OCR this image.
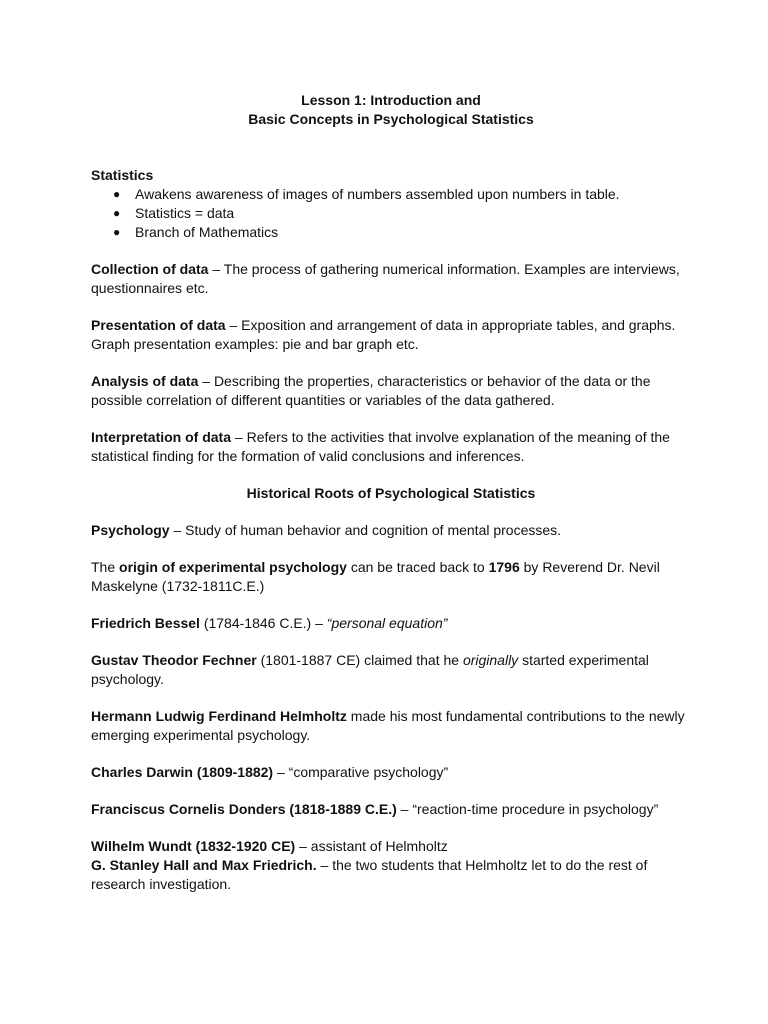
Lesson 1: Introduction and
Basic Concepts in Psychological Statistics
Statistics
● Awakens awareness of images of numbers assembled upon numbers in table.
● Statistics = data
● Branch of Mathematics

Collection of data – The process of gathering numerical information. Examples are interviews, questionnaires etc.

Presentation of data – Exposition and arrangement of data in appropriate tables, and graphs. Graph presentation examples: pie and bar graph etc.

Analysis of data – Describing the properties, characteristics or behavior of the data or the possible correlation of different quantities or variables of the data gathered.

Interpretation of data – Refers to the activities that involve explanation of the meaning of the statistical finding for the formation of valid conclusions and inferences.

Historical Roots of Psychological Statistics

Psychology – Study of human behavior and cognition of mental processes.

The origin of experimental psychology can be traced back to 1796 by Reverend Dr. Nevil Maskelyne (1732-1811C.E.)

Friedrich Bessel (1784-1846 C.E.) – “personal equation”

Gustav Theodor Fechner (1801-1887 CE) claimed that he originally started experimental psychology.

Hermann Ludwig Ferdinand Helmholtz made his most fundamental contributions to the newly emerging experimental psychology.

Charles Darwin (1809-1882) – “comparative psychology”

Franciscus Cornelis Donders (1818-1889 C.E.) – “reaction-time procedure in psychology”

Wilhelm Wundt (1832-1920 CE) – assistant of Helmholtz

G. Stanley Hall and Max Friedrich. – the two students that Helmholtz let to do the rest of research investigation.
